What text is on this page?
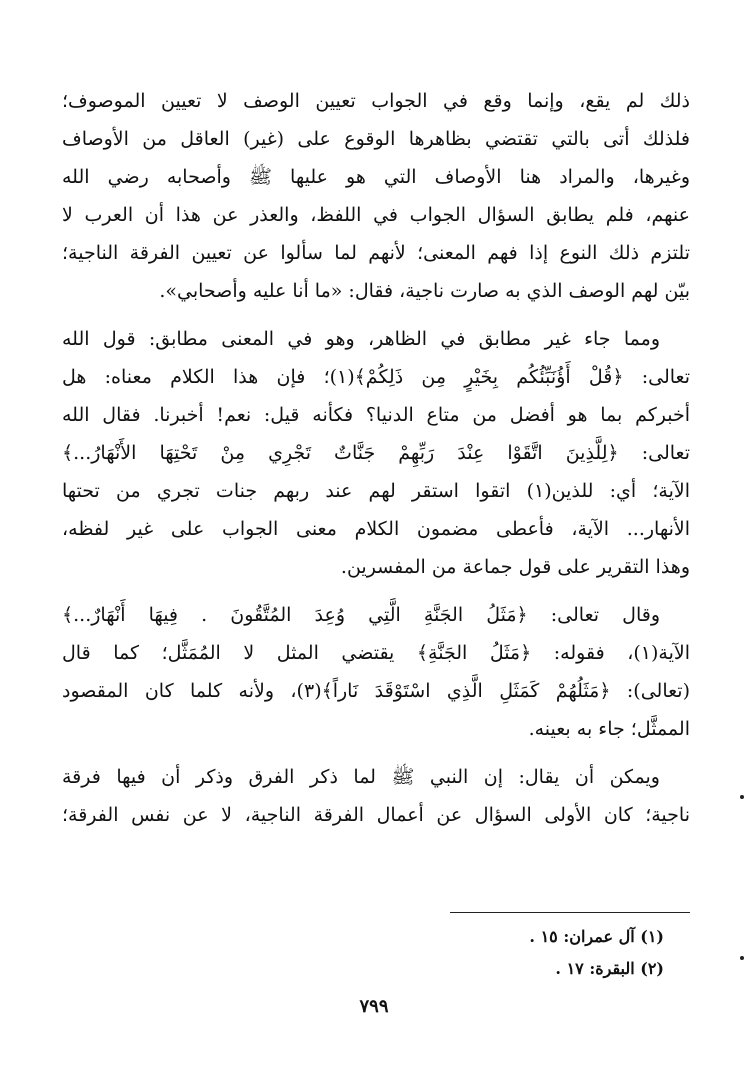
ذلك لم يقع، وإنما وقع في الجواب تعيين الوصف لا تعيين الموصوف؛
فلذلك أتى بالتي تقتضي بظاهرها الوقوع على (غير) العاقل من الأوصاف
وغيرها، والمراد هنا الأوصاف التي هو عليها ﷺ وأصحابه رضي الله
عنهم، فلم يطابق السؤال الجواب في اللفظ، والعذر عن هذا أن العرب لا
تلتزم ذلك النوع إذا فهم المعنى؛ لأنهم لما سألوا عن تعيين الفرقة الناجية؛
بيّن لهم الوصف الذي به صارت ناجية، فقال: «ما أنا عليه وأصحابي».

ومما جاء غير مطابق في الظاهر، وهو في المعنى مطابق: قول الله
تعالى: ﴿قُلْ أَؤُنَبِّئُكُم بِخَيْرٍ مِن ذَلِكُمْ﴾(١)؛ فإن هذا الكلام معناه: هل
أخبركم بما هو أفضل من متاع الدنيا؟ فكأنه قيل: نعم! أخبرنا. فقال الله
تعالى: ﴿لِلَّذِينَ اتَّقَوْا عِنْدَ رَبِّهِمْ جَنَّاتٌ تَجْرِي مِنْ تَحْتِهَا الأَنْهَارُ...﴾
الآية؛ أي: للذين(١) اتقوا استقر لهم عند ربهم جنات تجري من تحتها
الأنهار... الآية، فأعطى مضمون الكلام معنى الجواب على غير لفظه،
وهذا التقرير على قول جماعة من المفسرين.

وقال تعالى: ﴿مَثَلُ الجَنَّةِ الَّتِي وُعِدَ المُتَّقُونَ . فِيهَا أَنْهَارٌ...﴾
الآية(١)، فقوله: ﴿مَثَلُ الجَنَّةِ﴾ يقتضي المثل لا المُمَثَّل؛ كما قال
(تعالى): ﴿مَثَلُهُمْ كَمَثَلِ الَّذِي اسْتَوْقَدَ نَاراً﴾(٣)، ولأنه كلما كان المقصود
الممثَّل؛ جاء به بعينه.

ويمكن أن يقال: إن النبي ﷺ لما ذكر الفرق وذكر أن فيها فرقة
ناجية؛ كان الأولى السؤال عن أعمال الفرقة الناجية، لا عن نفس الفرقة؛

(١) آل عمران: ١٥ .
(٢) البقرة: ١٧ .
٧٩٩
